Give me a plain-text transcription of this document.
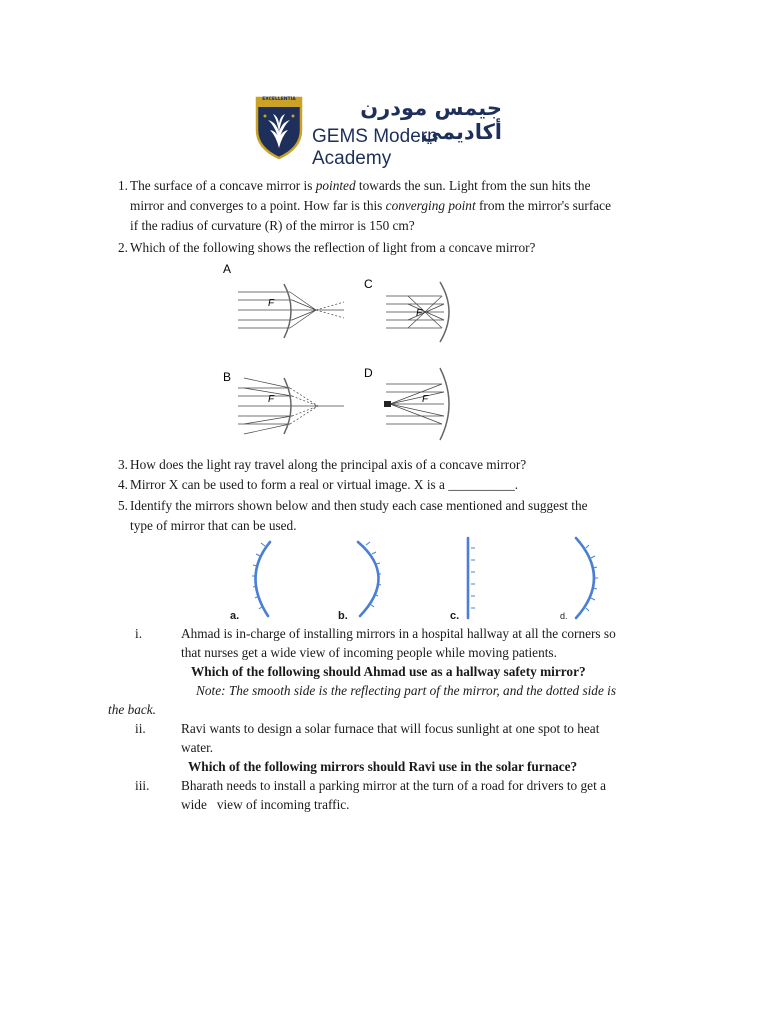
EXCELLENTIA	جيمس مودرن أكاديمي
GEMS Modern Academy
1. The surface of a concave mirror is pointed towards the sun. Light from the sun hits the
mirror and converges to a point. How far is this converging point from the mirror's surface
if the radius of curvature (R) of the mirror is 150 cm?
2. Which of the following shows the reflection of light from a concave mirror?
A
B
C
D
F
F
F
F
3. How does the light ray travel along the principal axis of a concave mirror?
4. Mirror X can be used to form a real or virtual image. X is a __________.
5. Identify the mirrors shown below and then study each case mentioned and suggest the
type of mirror that can be used.
a.	b.	c.	d.
i.	Ahmad is in-charge of installing mirrors in a hospital hallway at all the corners so
that nurses get a wide view of incoming people while moving patients.
Which of the following should Ahmad use as a hallway safety mirror?
Note: The smooth side is the reflecting part of the mirror, and the dotted side is
the back.
ii.	Ravi wants to design a solar furnace that will focus sunlight at one spot to heat
water.
Which of the following mirrors should Ravi use in the solar furnace?
iii. Bharath needs to install a parking mirror at the turn of a road for drivers to get a
wide   view of incoming traffic.
